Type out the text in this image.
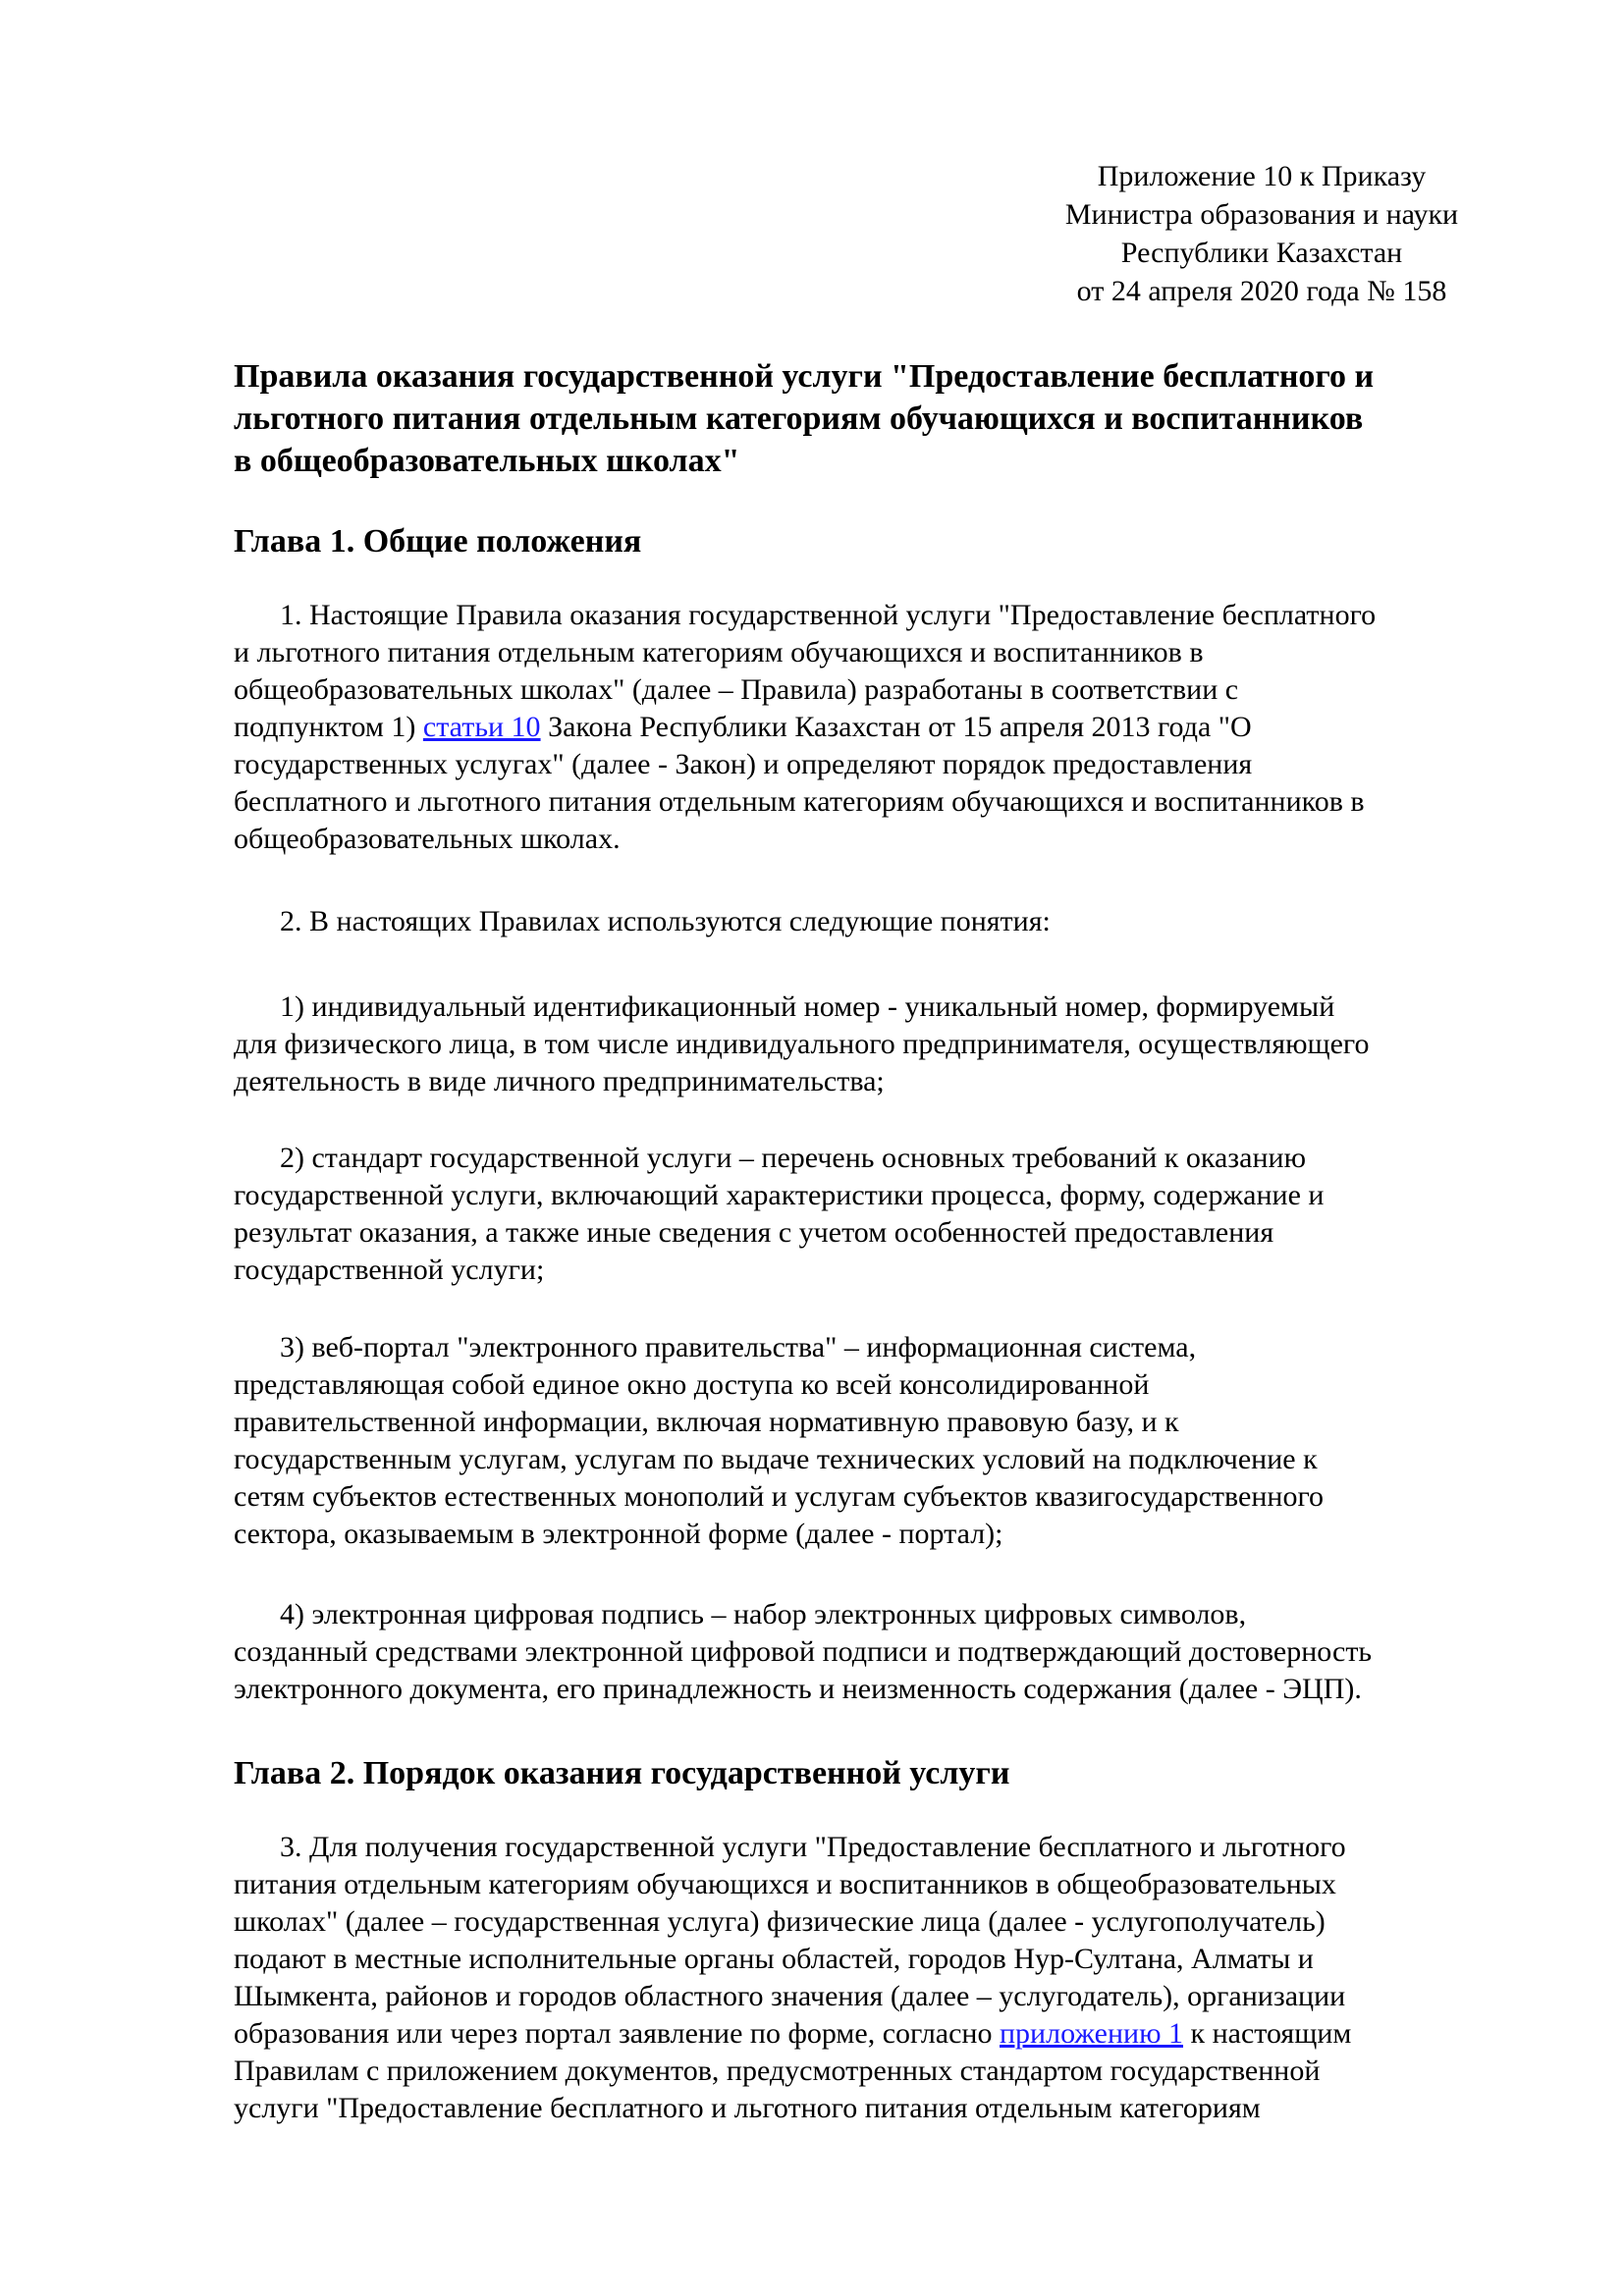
Приложение 10 к Приказу
Министра образования и науки
Республики Казахстан
от 24 апреля 2020 года № 158
Правила оказания государственной услуги "Предоставление бесплатного и
льготного питания отдельным категориям обучающихся и воспитанников
в общеобразовательных школах"
Глава 1. Общие положения
1. Настоящие Правила оказания государственной услуги "Предоставление бесплатного
и льготного питания отдельным категориям обучающихся и воспитанников в
общеобразовательных школах" (далее – Правила) разработаны в соответствии с
подпунктом 1) статьи 10 Закона Республики Казахстан от 15 апреля 2013 года "О
государственных услугах" (далее - Закон) и определяют порядок предоставления
бесплатного и льготного питания отдельным категориям обучающихся и воспитанников в
общеобразовательных школах.
2. В настоящих Правилах используются следующие понятия:
1) индивидуальный идентификационный номер - уникальный номер, формируемый
для физического лица, в том числе индивидуального предпринимателя, осуществляющего
деятельность в виде личного предпринимательства;
2) стандарт государственной услуги – перечень основных требований к оказанию
государственной услуги, включающий характеристики процесса, форму, содержание и
результат оказания, а также иные сведения с учетом особенностей предоставления
государственной услуги;
3) веб-портал "электронного правительства" – информационная система,
представляющая собой единое окно доступа ко всей консолидированной
правительственной информации, включая нормативную правовую базу, и к
государственным услугам, услугам по выдаче технических условий на подключение к
сетям субъектов естественных монополий и услугам субъектов квазигосударственного
сектора, оказываемым в электронной форме (далее - портал);
4) электронная цифровая подпись – набор электронных цифровых символов,
созданный средствами электронной цифровой подписи и подтверждающий достоверность
электронного документа, его принадлежность и неизменность содержания (далее - ЭЦП).
Глава 2. Порядок оказания государственной услуги
3. Для получения государственной услуги "Предоставление бесплатного и льготного
питания отдельным категориям обучающихся и воспитанников в общеобразовательных
школах" (далее – государственная услуга) физические лица (далее - услугополучатель)
подают в местные исполнительные органы областей, городов Нур-Султана, Алматы и
Шымкента, районов и городов областного значения (далее – услугодатель), организации
образования или через портал заявление по форме, согласно приложению 1 к настоящим
Правилам с приложением документов, предусмотренных стандартом государственной
услуги "Предоставление бесплатного и льготного питания отдельным категориям
